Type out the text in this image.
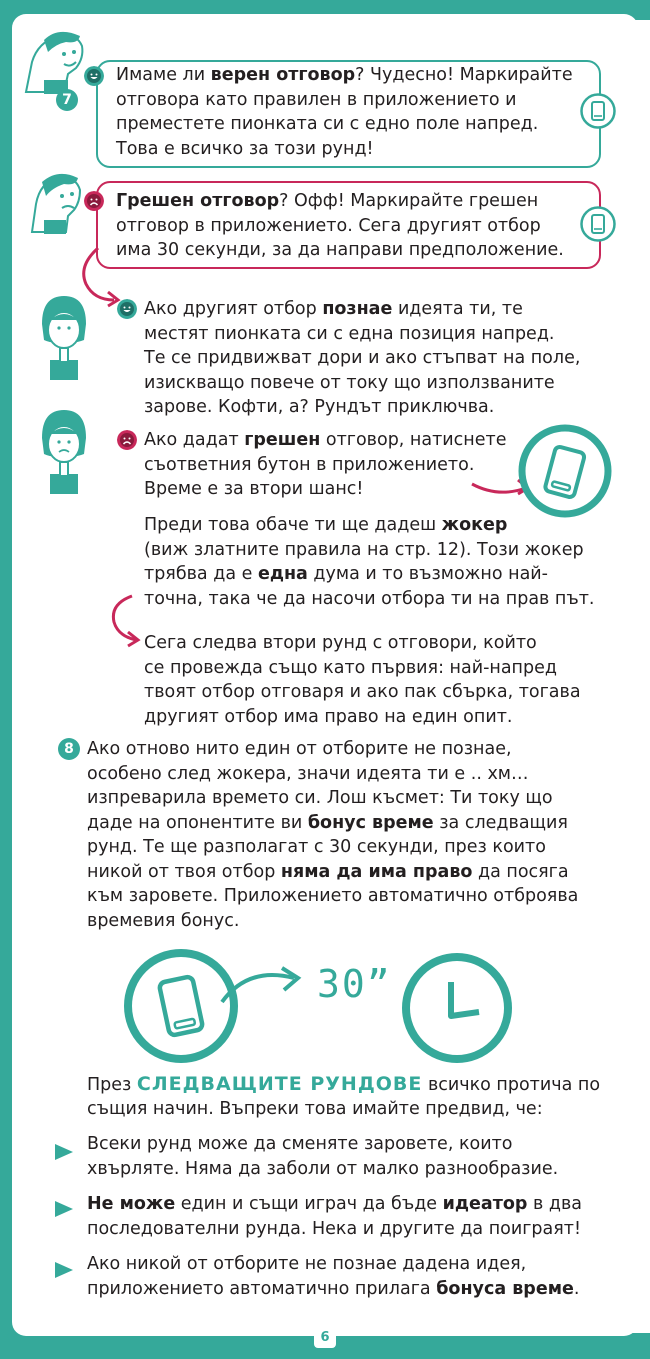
7

Имаме ли верен отговор? Чудесно! Маркирайте

отговора като правилен в приложението и

преместете пионката си с едно поле напред.

Това е всичко за този рунд!

Грешен отговор? Офф! Маркирайте грешен

отговор в приложението. Сега другият отбор

има 30 секунди, за да направи предположение.

Ако другият отбор познае идеята ти, те

местят пионката си с една позиция напред.

Те се придвижват дори и ако стъпват на поле,

изискващо повече от току що използваните

зарове. Кофти, а? Рундът приключва.

Ако дадат грешен отговор, натиснете

съответния бутон в приложението.

Време е за втори шанс!

Преди това обаче ти ще дадеш жокер

(виж златните правила на стр. 12). Този жокер

трябва да е една дума и то възможно най-

точна, така че да насочи отбора ти на прав път.

Сега следва втори рунд с отговори, който

се провежда също като първия: най-напред

твоят отбор отговаря и ако пак сбърка, тогава

другият отбор има право на един опит.

8 Ако отново нито един от отборите не познае,

особено след жокера, значи идеята ти е .. хм…

изпреварила времето си. Лош късмет: Ти току що

даде на опонентите ви бонус време за следващия

рунд. Те ще разполагат с 30 секунди, през които

никой от твоя отбор няма да има право да посяга

към заровете. Приложението автоматично отброява

времевия бонус.

30”

През СЛЕДВАЩИТЕ РУНДОВЕ всичко протича по

същия начин. Въпреки това имайте предвид, че:

Всеки рунд може да сменяте заровете, които

хвърляте. Няма да заболи от малко разнообразие.

Не може един и същи играч да бъде идеатор в два

последователни рунда. Нека и другите да поиграят!

Ако никой от отборите не познае дадена идея,

приложението автоматично прилага бонуса време.

6
